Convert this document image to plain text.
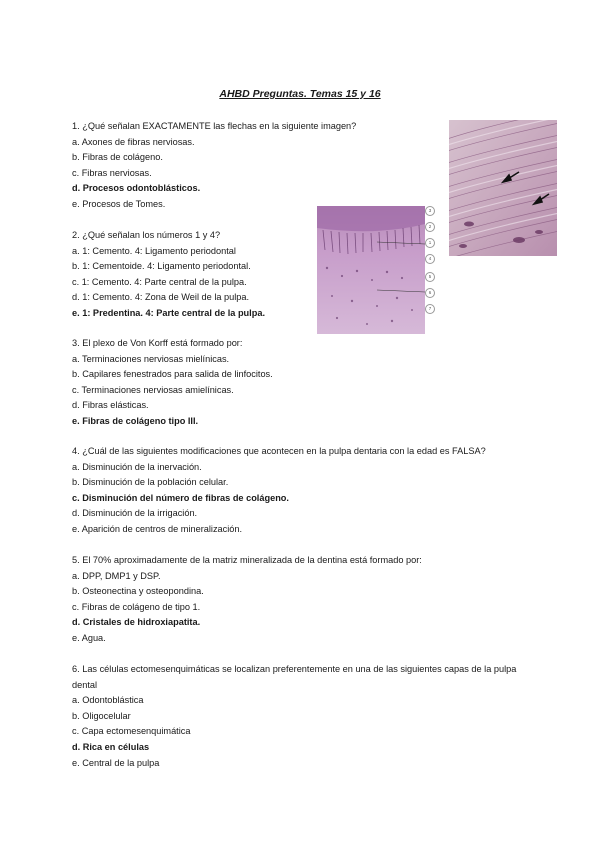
AHBD Preguntas. Temas 15 y 16
1. ¿Qué señalan EXACTAMENTE las flechas en la siguiente imagen?
a. Axones de fibras nerviosas.
b. Fibras de colágeno.
c. Fibras nerviosas.
d. Procesos odontoblásticos.
e. Procesos de Tomes.
2. ¿Qué señalan los números 1 y 4?
a. 1: Cemento. 4: Ligamento periodontal
b. 1: Cementoide. 4: Ligamento periodontal.
c. 1: Cemento. 4: Parte central de la pulpa.
d. 1: Cemento. 4: Zona de Weil de la pulpa.
e. 1: Predentina. 4: Parte central de la pulpa.
3. El plexo de Von Korff está formado por:
a. Terminaciones nerviosas mielínicas.
b. Capilares fenestrados para salida de linfocitos.
c. Terminaciones nerviosas amielínicas.
d. Fibras elásticas.
e. Fibras de colágeno tipo III.
4. ¿Cuál de las siguientes modificaciones que acontecen en la pulpa dentaria con la edad es FALSA?
a. Disminución de la inervación.
b. Disminución de la población celular.
c. Disminución del número de fibras de colágeno.
d. Disminución de la irrigación.
e. Aparición de centros de mineralización.
5. El 70% aproximadamente de la matriz mineralizada de la dentina está formado por:
a. DPP, DMP1 y DSP.
b. Osteonectina y osteopondina.
c. Fibras de colágeno de tipo 1.
d. Cristales de hidroxiapatita.
e. Agua.
6. Las células ectomesenquimáticas se localizan preferentemente en una de las siguientes capas de la pulpa dental
a. Odontoblástica
b. Oligocelular
c. Capa ectomesenquimática
d. Rica en células
e. Central de la pulpa
3
2
1
4
5
6
7
